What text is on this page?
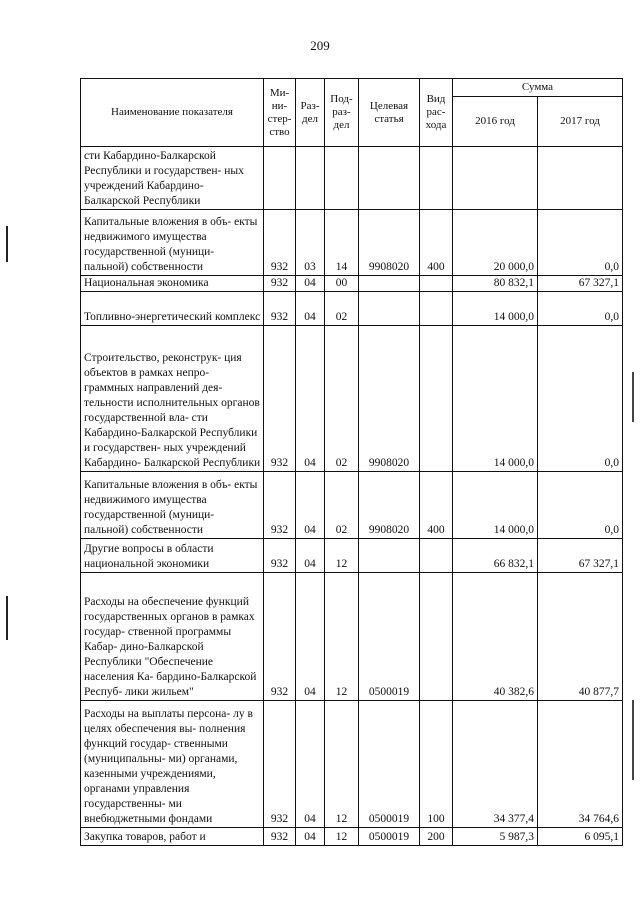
209
Наименование показателя	Ми- ни- стер- ство	Раз- дел	Под- раз- дел	Целевая статья	Вид рас- хода	Сумма	
						2016 год	2017 год
сти Кабардино-Балкарской Республики и государствен- ных учреждений Кабардино- Балкарской Республики							
Капитальные вложения в объ- екты недвижимого имущества государственной (муници- пальной) собственности	932	03	14	9908020	400	20 000,0	0,0
Национальная экономика	932	04	00			80 832,1	67 327,1
Топливно-энергетический комплекс	932	04	02			14 000,0	0,0
Строительство, реконструк- ция объектов в рамках непро- граммных направлений дея- тельности исполнительных органов государственной вла- сти Кабардино-Балкарской Республики и государствен- ных учреждений Кабардино- Балкарской Республики	932	04	02	9908020		14 000,0	0,0
Капитальные вложения в объ- екты недвижимого имущества государственной (муници- пальной) собственности	932	04	02	9908020	400	14 000,0	0,0
Другие вопросы в области национальной экономики	932	04	12			66 832,1	67 327,1
Расходы на обеспечение функций государственных органов в рамках государ- ственной программы Кабар- дино-Балкарской Республики "Обеспечение населения Ка- бардино-Балкарской Респуб- лики жильем"	932	04	12	0500019		40 382,6	40 877,7
Расходы на выплаты персона- лу в целях обеспечения вы- полнения функций государ- ственными (муниципальны- ми) органами, казенными учреждениями, органами управления государственны- ми внебюджетными фондами	932	04	12	0500019	100	34 377,4	34 764,6
Закупка товаров, работ и	932	04	12	0500019	200	5 987,3	6 095,1
